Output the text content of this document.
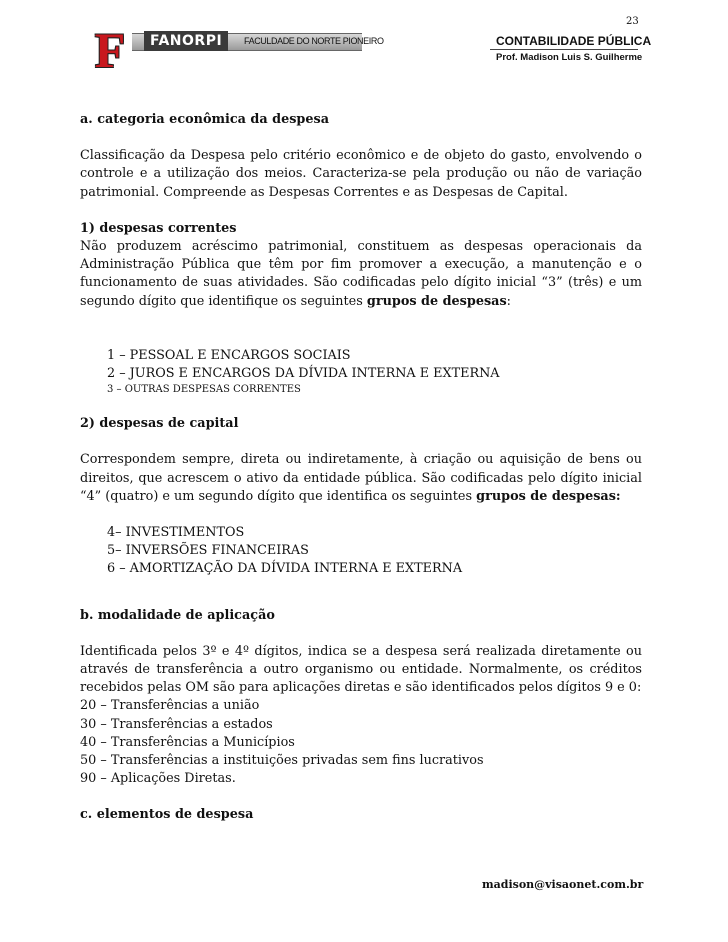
23
F	FANORPI	FACULDADE DO NORTE PIONEIRO	CONTABILIDADE PÚBLICA
Prof. Madison Luis S. Guilherme

a. categoria econômica da despesa

Classificação da Despesa pelo critério econômico e de objeto do gasto, envolvendo o controle e a utilização dos meios. Caracteriza-se pela produção ou não de variação patrimonial. Compreende as Despesas Correntes e as Despesas de Capital.

1) despesas correntes

Não produzem acréscimo patrimonial, constituem as despesas operacionais da Administração Pública que têm por fim promover a execução, a manutenção e o funcionamento de suas atividades. São codificadas pelo dígito inicial “3” (três) e um segundo dígito que identifique os seguintes grupos de despesas:

1 – PESSOAL E ENCARGOS SOCIAIS

2 – JUROS E ENCARGOS DA DÍVIDA INTERNA E EXTERNA

3 – OUTRAS DESPESAS CORRENTES

2) despesas de capital

Correspondem sempre, direta ou indiretamente, à criação ou aquisição de bens ou direitos, que acrescem o ativo da entidade pública. São codificadas pelo dígito inicial “4” (quatro) e um segundo dígito que identifica os seguintes grupos de despesas:

4– INVESTIMENTOS

5– INVERSÕES FINANCEIRAS

6 – AMORTIZAÇÃO DA DÍVIDA INTERNA E EXTERNA

b. modalidade de aplicação

Identificada pelos 3º e 4º dígitos, indica se a despesa será realizada diretamente ou através de transferência a outro organismo ou entidade. Normalmente, os créditos recebidos pelas OM são para aplicações diretas e são identificados pelos dígitos 9 e 0:

20 – Transferências a união

30 – Transferências a estados

40 – Transferências a Municípios

50 – Transferências a instituições privadas sem fins lucrativos

90 – Aplicações Diretas.

c. elementos de despesa

madison@visaonet.com.br
